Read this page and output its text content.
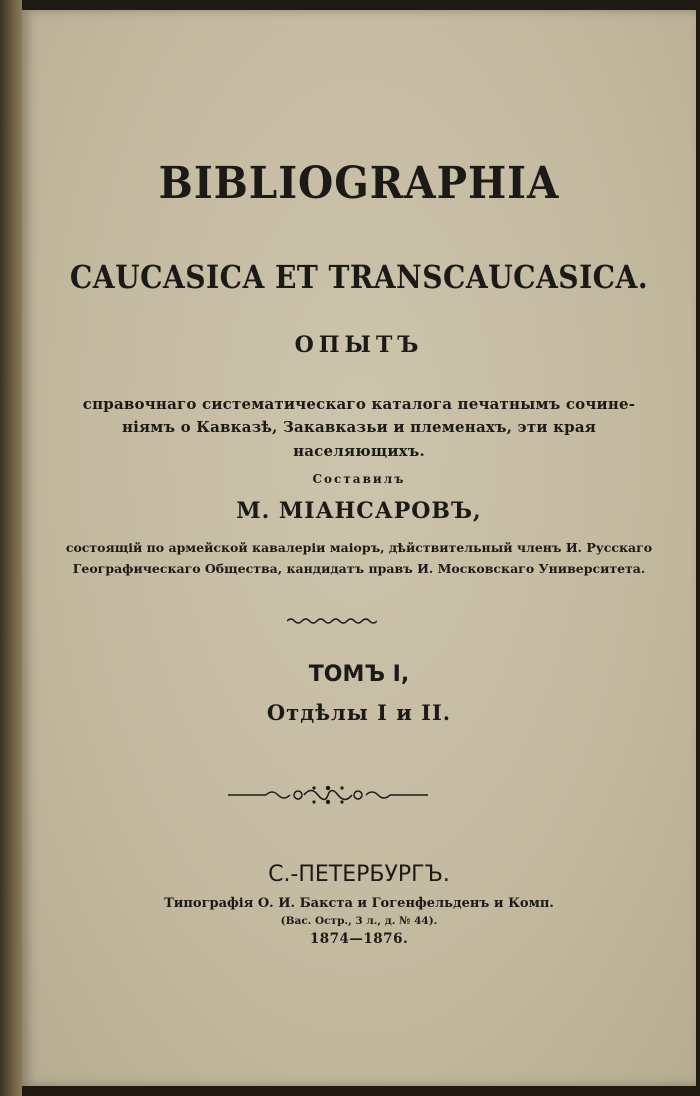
BIBLIOGRAPHIA
CAUCASICA ET TRANSCAUCASICA.
ОПЫТЪ
справочнаго систематическаго каталога печатнымъ сочине-
ніямъ о Кавказѣ, Закавказьи и племенахъ, эти края
населяющихъ.
Составилъ
М. МІАНСАРОВЪ,
состоящій по армейской кавалеріи маіоръ, дѣйствительный членъ И. Русскаго
Географическаго Общества, кандидатъ правъ И. Московскаго Университета.
ТОМЪ I,
Отдѣлы I и II.
С.-ПЕТЕРБУРГЪ.
Типографія О. И. Бакста и Гогенфельденъ и Комп.
(Вас. Остр., 3 л., д. № 44).
1874—1876.
